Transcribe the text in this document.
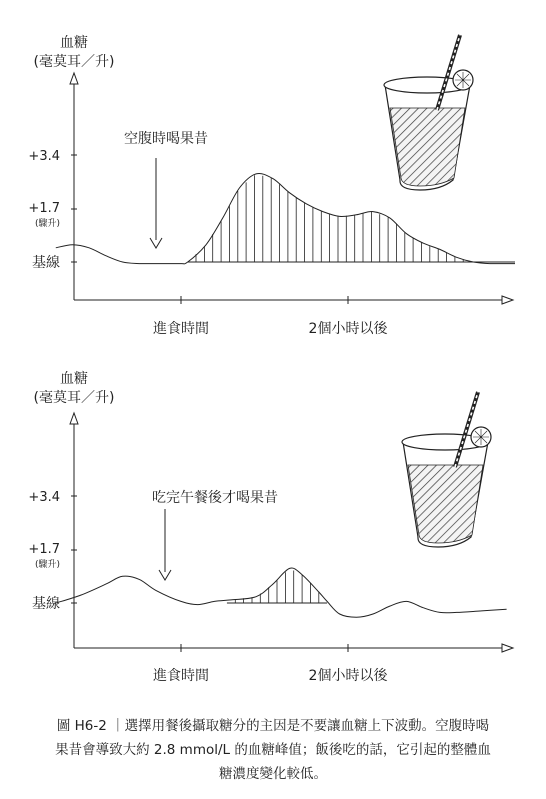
血糖
(毫莫耳／升)
+3.4
+1.7
(驟升)
基線
進食時間	2個小時以後
空腹時喝果昔
血糖
(毫莫耳／升)
+3.4
+1.7
(驟升)
基線
進食時間	2個小時以後
吃完午餐後才喝果昔
圖 H6-2 ｜選擇用餐後攝取糖分的主因是不要讓血糖上下波動。空腹時喝
果昔會導致大約 2.8 mmol/L 的血糖峰值；飯後吃的話，它引起的整體血
糖濃度變化較低。
